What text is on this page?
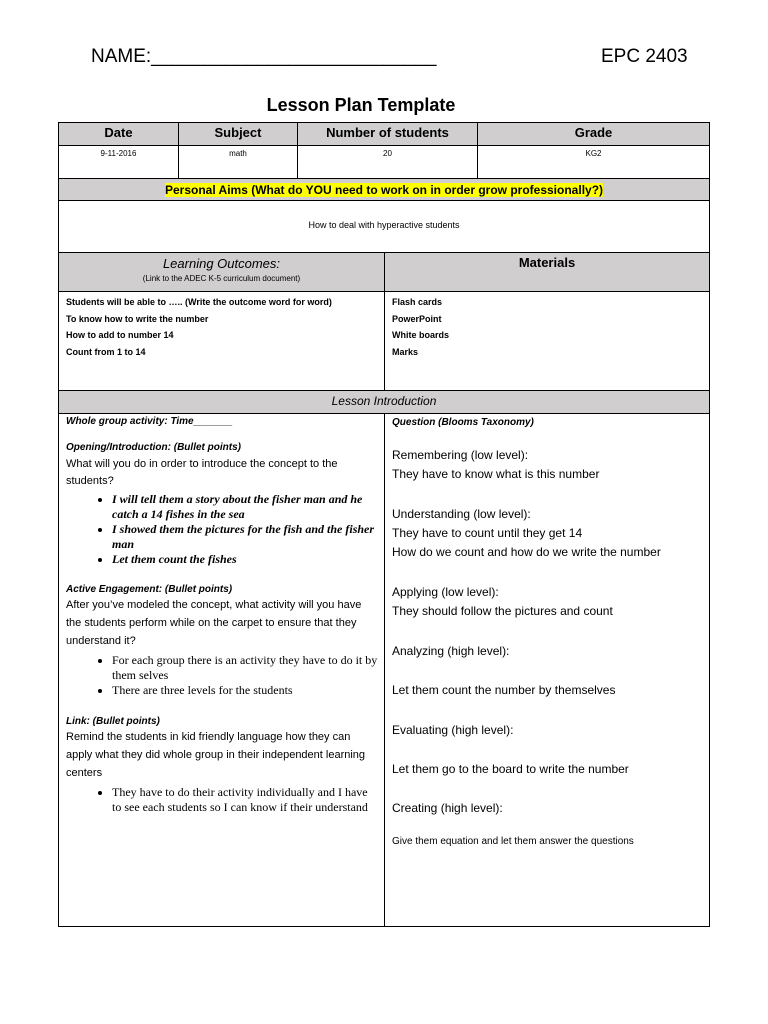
NAME:___________________________	EPC 2403
Lesson Plan Template
Date	Subject	Number of students	Grade
9-11-2016	math	20	KG2
Personal Aims (What do YOU need to work on in order grow professionally?)
How to deal with hyperactive students
Learning Outcomes:
(Link to the ADEC K-5 curriculum document)
Materials
Students will be able to ….. (Write the outcome word for word)
To know how to write the number
How to add to number 14
Count from 1 to 14
Flash cards
PowerPoint
White boards
Marks
Lesson Introduction
Whole group activity: Time_______
Opening/Introduction: (Bullet points)
What will you do in order to introduce the concept to the students?
• I will tell them a story about the fisher man and he catch a 14 fishes in the sea
• I showed them the pictures for the fish and the fisher man
• Let them count the fishes
Active Engagement: (Bullet points)
After you’ve modeled the concept, what activity will you have the students perform while on the carpet to ensure that they understand it?
• For each group there is an activity they have to do it by them selves
• There are three levels for the students
Link: (Bullet points)
Remind the students in kid friendly language how they can apply what they did whole group in their independent learning centers
• They have to do their activity individually and I have to see each students so I can know if their understand
Question (Blooms Taxonomy)
Remembering (low level):
They have to know what is this number
Understanding (low level):
They have to count until they get 14
How do we count and how do we write the number
Applying (low level):
They should follow the pictures and count
Analyzing (high level):
Let them count the number by themselves
Evaluating (high level):
Let them go to the board to write the number
Creating (high level):
Give them equation and let them answer the questions
